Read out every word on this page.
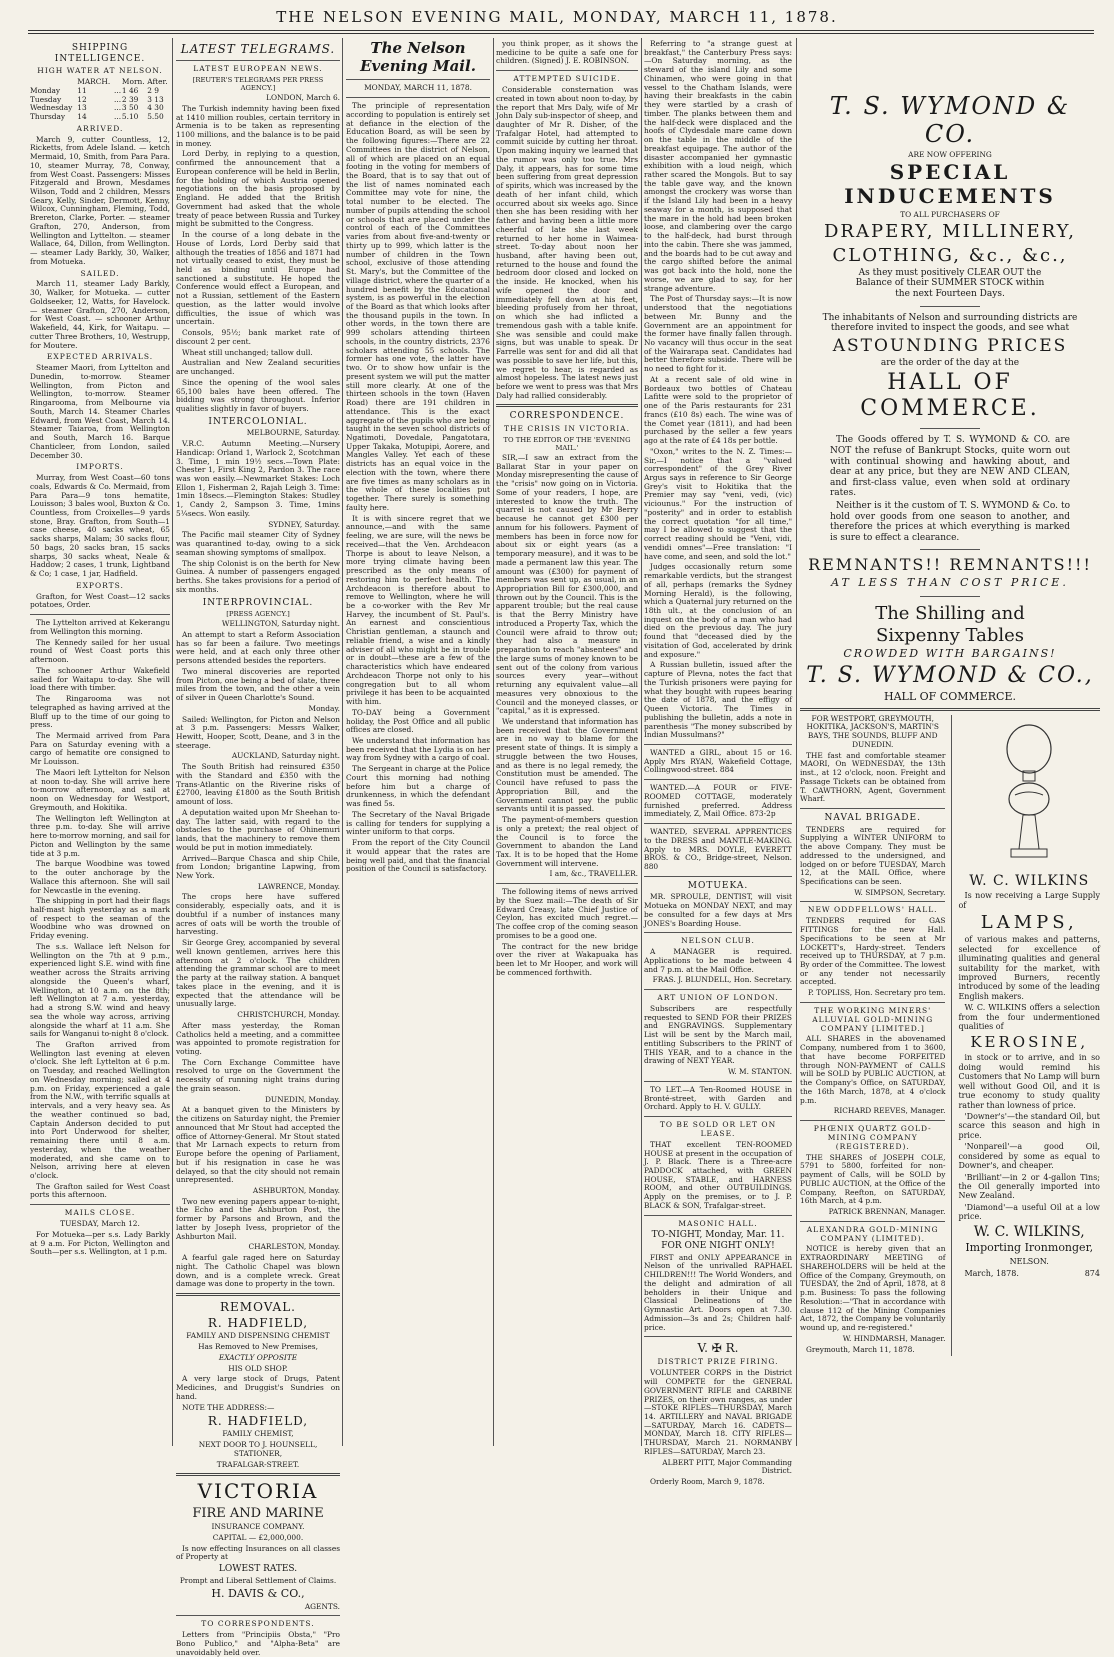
THE NELSON EVENING MAIL, MONDAY, MARCH 11, 1878.
SHIPPING INTELLIGENCE.
HIGH WATER AT NELSON.
	MARCH.		Morn.	After.
Monday	11	...	1 46	2 9
Tuesday	12	...	2 39	3 13
Wednesday	13	...	3 50	4 30
Thursday	14	...	5.10	5.50
ARRIVED.

March 9, cutter Countless, 12, Ricketts, from Adele Island. — ketch Mermaid, 10, Smith, from Para Para. 10, steamer Murray, 78, Conway, from West Coast. Passengers: Misses Fitzgerald and Brown, Mesdames Wilson, Todd and 2 children, Messrs Geary, Kelly, Sinder, Dermott, Kenny, Wilcox, Cunningham, Fleming, Todd, Brereton, Clarke, Porter. — steamer Grafton, 270, Anderson, from Wellington and Lyttelton. — steamer Wallace, 64, Dillon, from Wellington. — steamer Lady Barkly, 30, Walker, from Motueka.

SAILED.

March 11, steamer Lady Barkly, 30, Walker, for Motueka. — cutter Goldseeker, 12, Watts, for Havelock. — steamer Grafton, 270, Anderson, for West Coast. — schooner Arthur Wakefield, 44, Kirk, for Waitapu. — cutter Three Brothers, 10, Westrupp, for Moutere.

EXPECTED ARRIVALS.

Steamer Maori, from Lyttelton and Dunedin, to-morrow. Steamer Wellington, from Picton and Wellington, to-morrow. Steamer Ringarooma, from Melbourne via South, March 14. Steamer Charles Edward, from West Coast, March 14. Steamer Taiaroa, from Wellington and South, March 16. Barque Chanticleer, from London, sailed December 30.

IMPORTS.

Murray, from West Coast—60 tons coals, Edwards & Co. Mermaid, from Para Para—9 tons hematite, Louisson; 3 bales wool, Buxton & Co. Countless, from Croixelles—9 yards stone, Bray. Grafton, from South—1 case cheese, 40 sacks wheat, 65 sacks sharps, Malam; 30 sacks flour, 50 bags, 20 sacks bran, 15 sacks sharps, 30 sacks wheat, Neale & Haddow; 2 cases, 1 trunk, Lightband & Co; 1 case, 1 jar, Hadfield.

EXPORTS.

Grafton, for West Coast—12 sacks potatoes, Order.

The Lyttelton arrived at Kekerangu from Wellington this morning.

The Kennedy sailed for her usual round of West Coast ports this afternoon.

The schooner Arthur Wakefield sailed for Waitapu to-day. She will load there with timber.

The Ringarooma was not telegraphed as having arrived at the Bluff up to the time of our going to press.

The Mermaid arrived from Para Para on Saturday evening with a cargo of hematite ore consigned to Mr Louisson.

The Maori left Lyttelton for Nelson at noon to-day. She will arrive here to-morrow afternoon, and sail at noon on Wednesday for Westport, Greymouth, and Hokitika.

The Wellington left Wellington at three p.m. to-day. She will arrive here to-morrow morning, and sail for Picton and Wellington by the same tide at 3 p.m.

The barque Woodbine was towed to the outer anchorage by the Wallace this afternoon. She will sail for Newcastle in the evening.

The shipping in port had their flags half-mast high yesterday as a mark of respect to the seaman of the Woodbine who was drowned on Friday evening.

The s.s. Wallace left Nelson for Wellington on the 7th at 9 p.m., experienced light S.E. wind with fine weather across the Straits arriving alongside the Queen's wharf, Wellington, at 10 a.m. on the 8th; left Wellington at 7 a.m. yesterday, had a strong S.W. wind and heavy sea the whole way across, arriving alongside the wharf at 11 a.m. She sails for Wanganui to-night 8 o'clock.

The Grafton arrived from Wellington last evening at eleven o'clock. She left Lyttelton at 6 p.m. on Tuesday, and reached Wellington on Wednesday morning; sailed at 4 p.m. on Friday, experienced a gale from the N.W., with terrific squalls at intervals, and a very heavy sea. As the weather continued so bad, Captain Anderson decided to put into Port Underwood for shelter, remaining there until 8 a.m. yesterday, when the weather moderated, and she came on to Nelson, arriving here at eleven o'clock.

The Grafton sailed for West Coast ports this afternoon.

MAILS CLOSE.

TUESDAY, March 12.

For Motueka—per s.s. Lady Barkly at 9 a.m. For Picton, Wellington and South—per s.s. Wellington, at 1 p.m.

LATEST TELEGRAMS.
LATEST EUROPEAN NEWS.

[REUTER'S TELEGRAMS PER PRESS AGENCY.]

LONDON, March 6.

The Turkish indemnity having been fixed at 1410 million roubles, certain territory in Armenia is to be taken as representing 1100 millions, and the balance is to be paid in money.

Lord Derby, in replying to a question, confirmed the announcement that a European conference will be held in Berlin, for the holding of which Austria opened negotiations on the basis proposed by England. He added that the British Government had asked that the whole treaty of peace between Russia and Turkey might be submitted to the Congress.

In the course of a long debate in the House of Lords, Lord Derby said that although the treaties of 1856 and 1871 had not virtually ceased to exist, they must be held as binding until Europe had sanctioned a substitute. He hoped the Conference would effect a European, and not a Russian, settlement of the Eastern question, as the latter would involve difficulties, the issue of which was uncertain.

Consols, 95½; bank market rate of discount 2 per cent.

Wheat still unchanged; tallow dull.

Australian and New Zealand securities are unchanged.

Since the opening of the wool sales 65,100 bales have been offered. The bidding was strong throughout. Inferior qualities slightly in favor of buyers.

INTERCOLONIAL.

MELBOURNE, Saturday.

V.R.C. Autumn Meeting.—Nursery Handicap: Orland 1, Warlock 2, Scotchman 3. Time, 1 min 19½ secs.—Town Plate: Chester 1, First King 2, Pardon 3. The race was won easily.—Newmarket Stakes: Loch Ellon 1, Fisherman 2, Rajah Leigh 3. Time: 1min 18secs.—Flemington Stakes: Studley 1, Candy 2, Sampson 3. Time, 1mins 5¼secs. Won easily.

SYDNEY, Saturday.

The Pacific mail steamer City of Sydney was quarantined to-day, owing to a sick seaman showing symptoms of smallpox.

The ship Colonist is on the berth for New Guinea. A number of passengers engaged berths. She takes provisions for a period of six months.

INTERPROVINCIAL.

[PRESS AGENCY.]

WELLINGTON, Saturday night.

An attempt to start a Reform Association has so far been a failure. Two meetings were held, and at each only three other persons attended besides the reporters.

Two mineral discoveries are reported from Picton, one being a bed of slate, three miles from the town, and the other a vein of silver in Queen Charlotte's Sound.

Monday.

Sailed: Wellington, for Picton and Nelson at 3 p.m. Passengers: Messrs Walker, Hewitt, Hooper, Scott, Deane, and 3 in the steerage.

AUCKLAND, Saturday night.

The South British had reinsured £350 with the Standard and £350 with the Trans-Atlantic on the Riverine risks of £2700, leaving £1800 as the South British amount of loss.

A deputation waited upon Mr Sheehan to-day. The latter said, with regard to the obstacles to the purchase of Ohinemuri lands, that the machinery to remove them would be put in motion immediately.

Arrived—Barque Chasca and ship Chile, from London; brigantine Lapwing, from New York.

LAWRENCE, Monday.

The crops here have suffered considerably, especially oats, and it is doubtful if a number of instances many acres of oats will be worth the trouble of harvesting.

Sir George Grey, accompanied by several well known gentlemen, arrives here this afternoon at 2 o'clock. The children attending the grammar school are to meet the party at the railway station. A banquet takes place in the evening, and it is expected that the attendance will be unusually large.

CHRISTCHURCH, Monday.

After mass yesterday, the Roman Catholics held a meeting, and a committee was appointed to promote registration for voting.

The Corn Exchange Committee have resolved to urge on the Government the necessity of running night trains during the grain season.

DUNEDIN, Monday.

At a banquet given to the Ministers by the citizens on Saturday night, the Premier announced that Mr Stout had accepted the office of Attorney-General. Mr Stout stated that Mr Larnach expects to return from Europe before the opening of Parliament, but if his resignation in case he was delayed, so that the city should not remain unrepresented.

ASHBURTON, Monday.

Two new evening papers appear to-night, the Echo and the Ashburton Post, the former by Parsons and Brown, and the latter by Joseph Ivess, proprietor of the Ashburton Mail.

CHARLESTON, Monday.

A fearful gale raged here on Saturday night. The Catholic Chapel was blown down, and is a complete wreck. Great damage was done to property in the town.

REMOVAL.
R. HADFIELD,

FAMILY AND DISPENSING CHEMIST

Has Removed to New Premises,

EXACTLY OPPOSITE

HIS OLD SHOP.

A very large stock of Drugs, Patent Medicines, and Druggist's Sundries on hand.

NOTE THE ADDRESS:—

R. HADFIELD,

FAMILY CHEMIST,

NEXT DOOR TO J. HOUNSELL, STATIONER,

TRAFALGAR-STREET.

VICTORIA

FIRE AND MARINE

INSURANCE COMPANY.

CAPITAL — £2,000,000.

Is now effecting Insurances on all classes of Property at

LOWEST RATES.

Prompt and Liberal Settlement of Claims.

H. DAVIS & CO.,

AGENTS.

TO CORRESPONDENTS.

Letters from "Principiis Obsta," "Pro Bono Publico," and "Alpha-Beta" are unavoidably held over.

The Nelson Evening Mail.

MONDAY, MARCH 11, 1878.

The principle of representation according to population is entirely set at defiance in the election of the Education Board, as will be seen by the following figures:—There are 22 Committees in the district of Nelson, all of which are placed on an equal footing in the voting for members of the Board, that is to say that out of the list of names nominated each Committee may vote for nine, the total number to be elected. The number of pupils attending the school or schools that are placed under the control of each of the Committees varies from about five-and-twenty or thirty up to 999, which latter is the number of children in the Town school, exclusive of those attending St. Mary's, but the Committee of the village district, where the quarter of a hundred benefit by the Educational system, is as powerful in the election of the Board as that which looks after the thousand pupils in the town. In other words, in the town there are 999 scholars attending thirteen schools, in the country districts, 2376 scholars attending 55 schools. The former has one vote, the latter have two. Or to show how unfair is the present system we will put the matter still more clearly. At one of the thirteen schools in the town (Haven Road) there are 191 children in attendance. This is the exact aggregate of the pupils who are being taught in the seven school districts of Ngatimoti, Dovedale, Pangatotara, Upper Takaka, Motupipi, Aorere, and Mangles Valley. Yet each of these districts has an equal voice in the election with the town, where there are five times as many scholars as in the whole of these localities put together. There surely is something faulty here.

It is with sincere regret that we announce,—and with the same feeling, we are sure, will the news be received—that the Ven. Archdeacon Thorpe is about to leave Nelson, a more trying climate having been prescribed as the only means of restoring him to perfect health. The Archdeacon is therefore about to remove to Wellington, where he will be a co-worker with the Rev Mr Harvey, the incumbent of St. Paul's. An earnest and conscientious Christian gentleman, a staunch and reliable friend, a wise and a kindly adviser of all who might be in trouble or in doubt—these are a few of the characteristics which have endeared Archdeacon Thorpe not only to his congregation but to all whom privilege it has been to be acquainted with him.

TO-DAY being a Government holiday, the Post Office and all public offices are closed.

We understand that information has been received that the Lydia is on her way from Sydney with a cargo of coal.

The Sergeant in charge at the Police Court this morning had nothing before him but a charge of drunkenness, in which the defendant was fined 5s.

The Secretary of the Naval Brigade is calling for tenders for supplying a winter uniform to that corps.

From the report of the City Council it would appear that the rates are being well paid, and that the financial position of the Council is satisfactory.

you think proper, as it shows the medicine to be quite a safe one for children. (Signed) J. E. ROBINSON.

ATTEMPTED SUICIDE.

Considerable consternation was created in town about noon to-day, by the report that Mrs Daly, wife of Mr John Daly sub-inspector of sheep, and daughter of Mr R. Disher, of the Trafalgar Hotel, had attempted to commit suicide by cutting her throat. Upon making inquiry we learned that the rumor was only too true. Mrs Daly, it appears, has for some time been suffering from great depression of spirits, which was increased by the death of her infant child, which occurred about six weeks ago. Since then she has been residing with her father and having been a little more cheerful of late she last week returned to her home in Waimea-street. To-day about noon her husband, after having been out, returned to the house and found the bedroom door closed and locked on the inside. He knocked, when his wife opened the door and immediately fell down at his feet, bleeding profusely from her throat, on which she had inflicted a tremendous gash with a table knife. She was sensible and could make signs, but was unable to speak. Dr Farrelle was sent for and did all that was possible to save her life, but this, we regret to hear, is regarded as almost hopeless. The latest news just before we went to press was that Mrs Daly had rallied considerably.

CORRESPONDENCE.
THE CRISIS IN VICTORIA.

TO THE EDITOR OF THE 'EVENING MAIL.'

SIR,—I saw an extract from the Ballarat Star in your paper on Monday misrepresenting the cause of the "crisis" now going on in Victoria. Some of your readers, I hope, are interested to know the truth. The quarrel is not caused by Mr Berry because he cannot get £300 per annum for his followers. Payment of members has been in force now for about six or eight years (as a temporary measure), and it was to be made a permanent law this year. The amount was (£300) for payment of members was sent up, as usual, in an Appropriation Bill for £300,000, and thrown out by the Council. This is the apparent trouble; but the real cause is that the Berry Ministry have introduced a Property Tax, which the Council were afraid to throw out; they had also a measure in preparation to reach "absentees" and the large sums of money known to be sent out of the colony from various sources every year—without returning any equivalent value—all measures very obnoxious to the Council and the moneyed classes, or "capital," as it is expressed.

We understand that information has been received that the Government are in no way to blame for the present state of things. It is simply a struggle between the two Houses, and as there is no legal remedy, the Constitution must be amended. The Council have refused to pass the Appropriation Bill, and the Government cannot pay the public servants until it is passed.

The payment-of-members question is only a pretext; the real object of the Council is to force the Government to abandon the Land Tax. It is to be hoped that the Home Government will intervene.

I am, &c., TRAVELLER.

The following items of news arrived by the Suez mail:—The death of Sir Edward Creasy, late Chief Justice of Ceylon, has excited much regret.—The coffee crop of the coming season promises to be a good one.

The contract for the new bridge over the river at Wakapuaka has been let to Mr Hooper, and work will be commenced forthwith.

Referring to "a strange guest at breakfast," the Canterbury Press says:—On Saturday morning, as the steward of the island Lily and some Chinamen, who were going in that vessel to the Chatham Islands, were having their breakfasts in the cabin they were startled by a crash of timber. The planks between them and the half-deck were displaced and the hoofs of Clydesdale mare came down on the table in the middle of the breakfast equipage. The author of the disaster accompanied her gymnastic exhibition with a loud neigh, which rather scared the Mongols. But to say the table gave way, and the known amongst the crockery was worse than if the Island Lily had been in a heavy seaway for a month, is supposed that the mare in the hold had been broken loose, and clambering over the cargo to the half-deck, had burst through into the cabin. There she was jammed, and the boards had to be cut away and the cargo shifted before the animal was got back into the hold, none the worse, we are glad to say, for her strange adventure.

The Post of Thursday says:—It is now understood that the negotiations between Mr. Bunny and the Government are an appointment for the former have finally fallen through. No vacancy will thus occur in the seat of the Wairarapa seat. Candidates had better therefore subside. There will be no need to fight for it.

At a recent sale of old wine in Bordeaux two bottles of Chateau Lafitte were sold to the proprietor of one of the Paris restaurants for 231 francs (£10 8s) each. The wine was of the Comet year (1811), and had been purchased by the seller a few years ago at the rate of £4 18s per bottle.

"Oxon," writes to the N. Z. Times:—Sir,—I notice that a "valued correspondent" of the Grey River Argus says in reference to Sir George Grey's visit to Hokitika that the Premier may say "veni, vedi, (vic) viciounus." For the instruction of "posterity" and in order to establish the correct quotation "for all time," may I be allowed to suggest that the correct reading should be "Veni, vidi, vendidi omnes"—Free translation: "I have come, and seen, and sold the lot."

Judges occasionally return some remarkable verdicts, but the strangest of all, perhaps (remarks the Sydney Morning Herald), is the following, which a Quaternal jury returned on the 18th ult., at the conclusion of an inquest on the body of a man who had died on the previous day. The jury found that "deceased died by the visitation of God, accelerated by drink and exposure."

A Russian bulletin, issued after the capture of Plevna, notes the fact that the Turkish prisoners were paying for what they bought with rupees bearing the date of 1878, and the effigy of Queen Victoria. The Times in publishing the bulletin, adds a note in parenthesis "The money subscribed by Indian Mussulmans?"

WANTED a GIRL, about 15 or 16. Apply Mrs RYAN, Wakefield Cottage, Collingwood-street. 884

WANTED.—A FOUR or FIVE-ROOMED COTTAGE, moderately furnished preferred.	Address immediately, Z, Mail Office. 873-2p

WANTED, SEVERAL APPRENTICES to the DRESS and MANTLE-MAKING. Apply to MRS. DOYLE, EVERETT BROS. & CO., Bridge-street, Nelson. 880

MOTUEKA.

MR. SPROULE, DENTIST, will visit Motueka on MONDAY NEXT, and may be consulted for a few days at Mrs JONES's Boarding House.

NELSON CLUB.

A MANAGER is required. Applications to be made between 4 and 7 p.m. at the Mail Office.

FRAS. J. BLUNDELL, Hon. Secretary.

ART UNION OF LONDON.

Subscribers are respectfully requested to SEND FOR their PRIZES and ENGRAVINGS. Supplementary List will be sent by the March mail, entitling Subscribers to the PRINT of THIS YEAR, and to a chance in the drawing of NEXT YEAR.

W. M. STANTON.

TO LET.—A Ten-Roomed HOUSE in Bronté-street, with Garden and Orchard. Apply to H. V. GULLY.

TO BE SOLD OR LET ON LEASE.

THAT excellent TEN-ROOMED HOUSE at present in the occupation of J. P. Black. There is a Three-acre PADDOCK attached, with GREEN HOUSE, STABLE, and HARNESS ROOM, and other OUTBUILDINGS. Apply on the premises, or to J. P. BLACK & SON, Trafalgar-street.

MASONIC HALL.

TO-NIGHT, Monday, Mar. 11. FOR ONE NIGHT ONLY!

FIRST and ONLY APPEARANCE in Nelson of the unrivalled RAPHAEL CHILDREN!!! The World Wonders, and the delight and admiration of all beholders in their Unique and Classical Delineations of the Gymnastic Art. Doors open at 7.30. Admission—3s and 2s; Children half-price.

V. ✠ R.

DISTRICT PRIZE FIRING.

VOLUNTEER CORPS in the District will COMPETE for the GENERAL GOVERNMENT RIFLE and CARBINE PRIZES, on their own ranges, as under—STOKE RIFLES—THURSDAY, March 14. ARTILLERY and NAVAL BRIGADE—SATURDAY, March 16. CADETS—MONDAY, March 18. CITY RIFLES—THURSDAY, March 21. NORMANBY RIFLES—SATURDAY, March 23.

ALBERT PITT, Major Commanding District.

Orderly Room, March 9, 1878.

T. S. WYMOND & CO.

ARE NOW OFFERING

SPECIAL INDUCEMENTS

TO ALL PURCHASERS OF

DRAPERY, MILLINERY,

CLOTHING, &c., &c.,

As they must positively CLEAR OUT the Balance of their SUMMER STOCK within the next Fourteen Days.

The inhabitants of Nelson and surrounding districts are therefore invited to inspect the goods, and see what

ASTOUNDING PRICES

are the order of the day at the

HALL OF COMMERCE.

The Goods offered by T. S. WYMOND & CO. are NOT the refuse of Bankrupt Stocks, quite worn out with continual showing and hawking about, and dear at any price, but they are NEW AND CLEAN, and first-class value, even when sold at ordinary rates.

Neither is it the custom of T. S. WYMOND & Co. to hold over goods from one season to another, and therefore the prices at which everything is marked is sure to effect a clearance.

REMNANTS!! REMNANTS!!!

AT LESS THAN COST PRICE.

The Shilling and Sixpenny Tables

CROWDED WITH BARGAINS!

T. S. WYMOND & CO.,

HALL OF COMMERCE.

FOR WESTPORT, GREYMOUTH, HOKITIKA, JACKSON'S, MARTIN'S BAYS, THE SOUNDS, BLUFF AND DUNEDIN.

THE fast and comfortable steamer MAORI, On WEDNESDAY, the 13th inst., at 12 o'clock, noon. Freight and Passage Tickets can be obtained from T. CAWTHORN, Agent, Government Wharf.

NAVAL BRIGADE.

TENDERS are required for Supplying a WINTER UNIFORM to the above Company. They must be addressed to the undersigned, and lodged on or before TUESDAY, March 12, at the MAIL Office, where Specifications can be seen.

W. SIMPSON, Secretary.

NEW ODDFELLOWS' HALL.

TENDERS required for GAS FITTINGS for the new Hall. Specifications to be seen at Mr LOCKETT's, Hardy-street. Tenders received up to THURSDAY, at 7 p.m. By order of the Committee. The lowest or any tender not necessarily accepted.

P. TOPLISS, Hon. Secretary pro tem.

THE WORKING MINERS' ALLUVIAL GOLD-MINING COMPANY [LIMITED.]

ALL SHARES in the abovenamed Company, numbered from 1 to 3600, that have become FORFEITED through NON-PAYMENT of CALLS will be SOLD by PUBLIC AUCTION, at the Company's Office, on SATURDAY, the 16th March, 1878, at 4 o'clock p.m.

RICHARD REEVES, Manager.

PHŒNIX QUARTZ GOLD-MINING COMPANY (REGISTERED).

THE SHARES of JOSEPH COLE, 5791 to 5800, forfeited for non-payment of Calls, will be SOLD by PUBLIC AUCTION, at the Office of the Company, Reefton, on SATURDAY, 16th March, at 4 p.m.

PATRICK BRENNAN, Manager.

ALEXANDRA GOLD-MINING COMPANY (LIMITED).

NOTICE is hereby given that an EXTRAORDINARY MEETING of SHAREHOLDERS will be held at the Office of the Company, Greymouth, on TUESDAY, the 2nd of April, 1878, at 8 p.m. Business: To pass the following Resolution:—"That in accordance with clause 112 of the Mining Companies Act, 1872, the Company be voluntarily wound up, and re-registered."

W. HINDMARSH, Manager.

Greymouth, March 11, 1878.

W. C. WILKINS

Is now receiving a Large Supply of

LAMPS,

of various makes and patterns, selected for excellence of illuminating qualities and general suitability for the market, with improved Burners, recently introduced by some of the leading English makers.

W. C. WILKINS offers a selection from the four undermentioned qualities of

KEROSINE,

in stock or to arrive, and in so doing would remind his Customers that No Lamp will burn well without Good Oil, and it is true economy to study quality rather than lowness of price.

'Downer's'—the standard Oil, but scarce this season and high in price.

'Nonpareil'—a good Oil, considered by some as equal to Downer's, and cheaper.

'Brilliant'—in 2 or 4-gallon Tins; the Oil generally imported into New Zealand.

'Diamond'—a useful Oil at a low price.

W. C. WILKINS,

Importing Ironmonger,

NELSON.

March, 1878.	874
